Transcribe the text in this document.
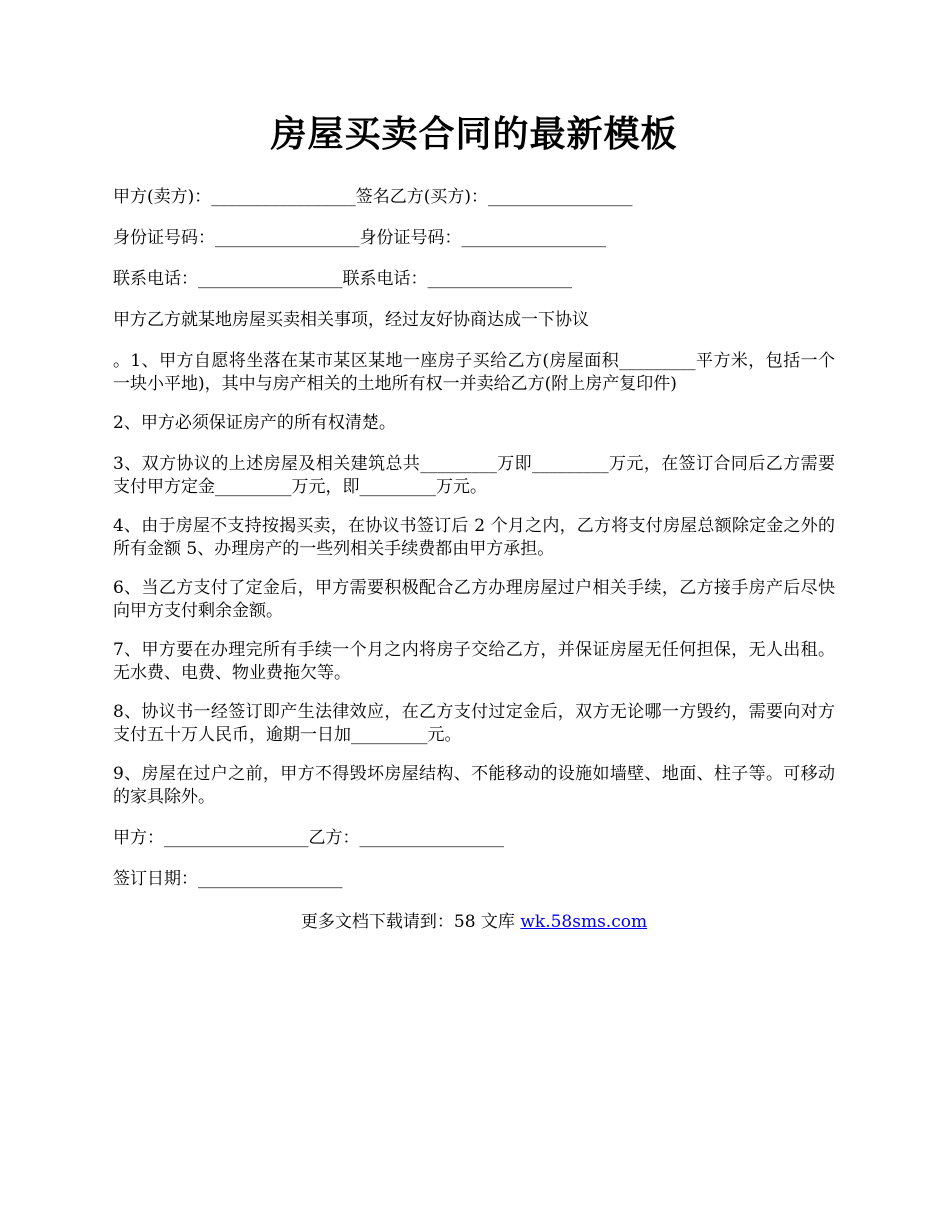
房屋买卖合同的最新模板

甲方(卖方)：_________________签名乙方(买方)：_________________

身份证号码：_________________身份证号码：_________________

联系电话：_________________联系电话：_________________

甲方乙方就某地房屋买卖相关事项，经过友好协商达成一下协议

。1、甲方自愿将坐落在某市某区某地一座房子买给乙方(房屋面积_________平方米，包括一个一块小平地)，其中与房产相关的土地所有权一并卖给乙方(附上房产复印件)

2、甲方必须保证房产的所有权清楚。

3、双方协议的上述房屋及相关建筑总共_________万即_________万元，在签订合同后乙方需要支付甲方定金_________万元，即_________万元。

4、由于房屋不支持按揭买卖，在协议书签订后 2 个月之内，乙方将支付房屋总额除定金之外的所有金额 5、办理房产的一些列相关手续费都由甲方承担。

6、当乙方支付了定金后，甲方需要积极配合乙方办理房屋过户相关手续，乙方接手房产后尽快向甲方支付剩余金额。

7、甲方要在办理完所有手续一个月之内将房子交给乙方，并保证房屋无任何担保，无人出租。无水费、电费、物业费拖欠等。

8、协议书一经签订即产生法律效应，在乙方支付过定金后，双方无论哪一方毁约，需要向对方支付五十万人民币，逾期一日加_________元。

9、房屋在过户之前，甲方不得毁坏房屋结构、不能移动的设施如墙壁、地面、柱子等。可移动的家具除外。

甲方：_________________乙方：_________________

签订日期：_________________

更多文档下载请到：58 文库 wk.58sms.com
